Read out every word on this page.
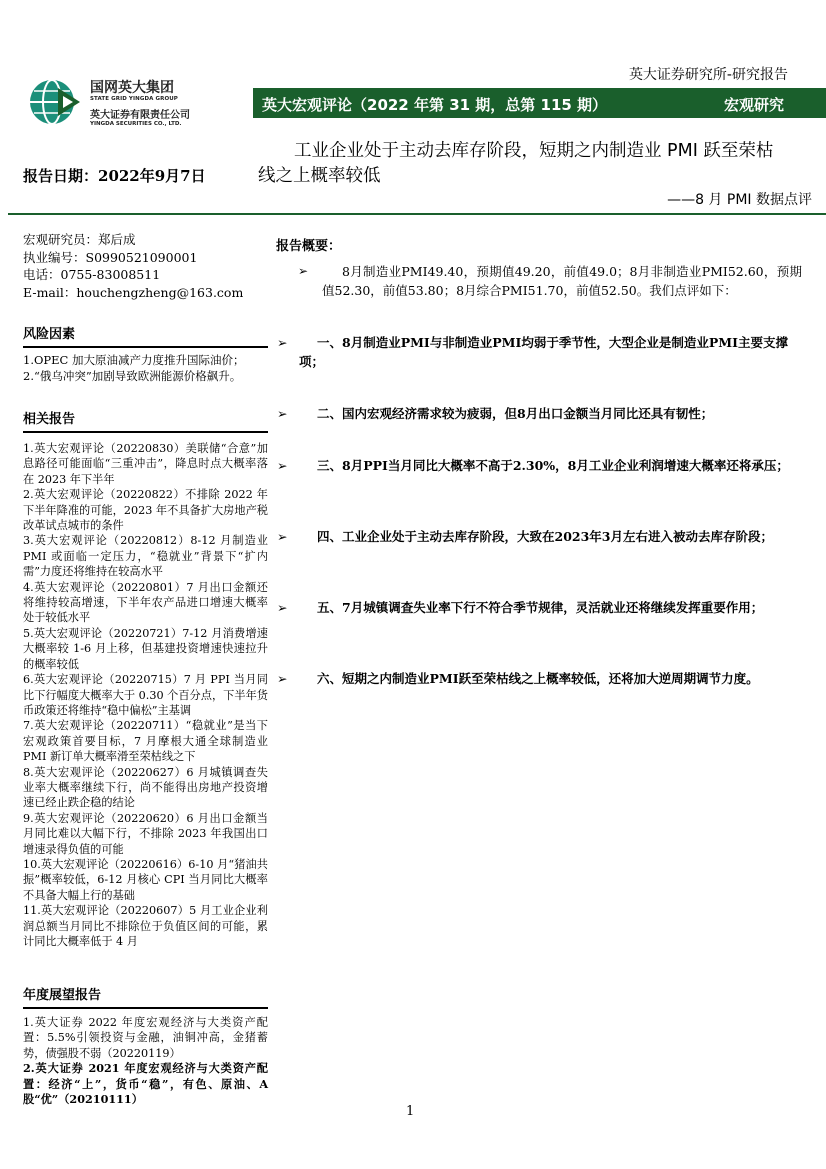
英大证券研究所-研究报告
国网英大集团
STATE GRID YINGDA GROUP
英大证券有限责任公司
YINGDA SECURITIES CO., LTD.
英大宏观评论（2022 年第 31 期，总第 115 期）	宏观研究
报告日期：2022年9月7日
工业企业处于主动去库存阶段，短期之内制造业 PMI 跃至荣枯
线之上概率较低
——8 月 PMI 数据点评
宏观研究员：郑后成
执业编号：S0990521090001
电话：0755-83008511
E-mail：houchengzheng@163.com
风险因素
1.OPEC 加大原油减产力度推升国际油价；
2.“俄乌冲突”加剧导致欧洲能源价格飙升。
相关报告
1.英大宏观评论（20220830）美联储“合意”加息路径可能面临“三重冲击”，降息时点大概率落在 2023 年下半年
2.英大宏观评论（20220822）不排除 2022 年下半年降准的可能，2023 年不具备扩大房地产税改革试点城市的条件
3.英大宏观评论（20220812）8-12 月制造业 PMI 或面临一定压力，“稳就业”背景下“扩内需”力度还将维持在较高水平
4.英大宏观评论（20220801）7 月出口金额还将维持较高增速，下半年农产品进口增速大概率处于较低水平
5.英大宏观评论（20220721）7-12 月消费增速大概率较 1-6 月上移，但基建投资增速快速拉升的概率较低
6.英大宏观评论（20220715）7 月 PPI 当月同比下行幅度大概率大于 0.30 个百分点，下半年货币政策还将维持“稳中偏松”主基调
7.英大宏观评论（20220711）“稳就业”是当下宏观政策首要目标，7 月摩根大通全球制造业 PMI 新订单大概率滑至荣枯线之下
8.英大宏观评论（20220627）6 月城镇调查失业率大概率继续下行，尚不能得出房地产投资增速已经止跌企稳的结论
9.英大宏观评论（20220620）6 月出口金额当月同比难以大幅下行，不排除 2023 年我国出口增速录得负值的可能
10.英大宏观评论（20220616）6-10 月“猪油共振”概率较低，6-12 月核心 CPI 当月同比大概率不具备大幅上行的基础
11.英大宏观评论（20220607）5 月工业企业利润总额当月同比不排除位于负值区间的可能，累计同比大概率低于 4 月
年度展望报告
1.英大证券 2022 年度宏观经济与大类资产配置：5.5%引领投资与金融，油铜冲高，金猪蓄势，债强股不弱（20220119）
2.英大证券 2021 年度宏观经济与大类资产配置：经济“上”，货币“稳”，有色、原油、A 股“优”（20210111）
报告概要：
➢	8月制造业PMI49.40，预期值49.20，前值49.0；8月非制造业PMI52.60，预期值52.30，前值53.80；8月综合PMI51.70，前值52.50。我们点评如下：
➢	一、8月制造业PMI与非制造业PMI均弱于季节性，大型企业是制造业PMI主要支撑项；
➢	二、国内宏观经济需求较为疲弱，但8月出口金额当月同比还具有韧性；
➢	三、8月PPI当月同比大概率不高于2.30%，8月工业企业利润增速大概率还将承压；
➢	四、工业企业处于主动去库存阶段，大致在2023年3月左右进入被动去库存阶段；
➢	五、7月城镇调查失业率下行不符合季节规律，灵活就业还将继续发挥重要作用；
➢	六、短期之内制造业PMI跃至荣枯线之上概率较低，还将加大逆周期调节力度。
1
